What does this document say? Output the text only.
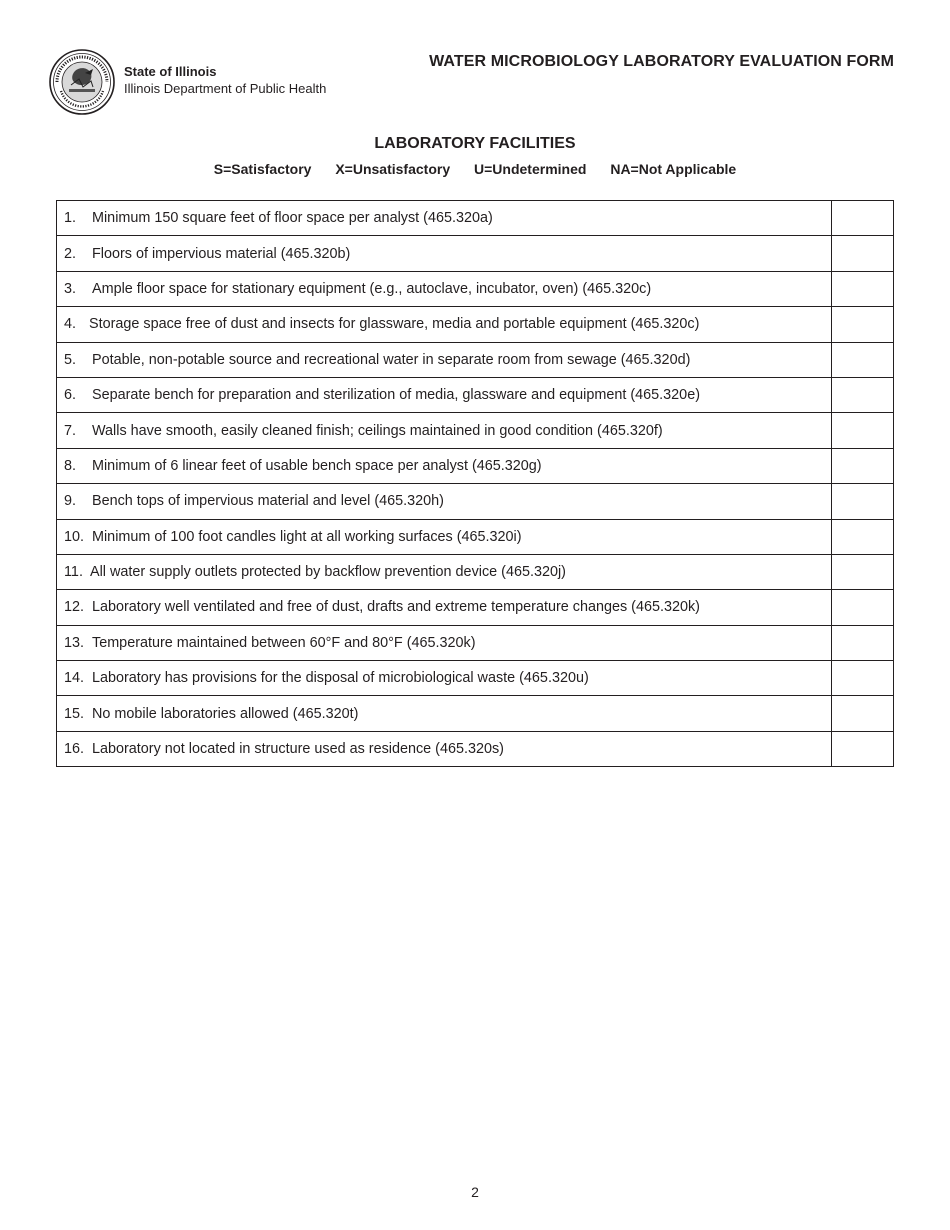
State of Illinois
Illinois Department of Public Health
WATER MICROBIOLOGY LABORATORY EVALUATION FORM
LABORATORY FACILITIES
S=Satisfactory X=Unsatisfactory U=Undetermined NA=Not Applicable
1. Minimum 150 square feet of floor space per analyst (465.320a)	
2. Floors of impervious material (465.320b)	
3. Ample floor space for stationary equipment (e.g., autoclave, incubator, oven) (465.320c)	
4. Storage space free of dust and insects for glassware, media and portable equipment (465.320c)	
5. Potable, non-potable source and recreational water in separate room from sewage (465.320d)	
6. Separate bench for preparation and sterilization of media, glassware and equipment (465.320e)	
7. Walls have smooth, easily cleaned finish; ceilings maintained in good condition (465.320f)	
8. Minimum of 6 linear feet of usable bench space per analyst (465.320g)	
9. Bench tops of impervious material and level (465.320h)	
10. Minimum of 100 foot candles light at all working surfaces (465.320i)	
11. All water supply outlets protected by backflow prevention device (465.320j)	
12. Laboratory well ventilated and free of dust, drafts and extreme temperature changes (465.320k)	
13. Temperature maintained between 60°F and 80°F (465.320k)	
14. Laboratory has provisions for the disposal of microbiological waste (465.320u)	
15. No mobile laboratories allowed (465.320t)	
16. Laboratory not located in structure used as residence (465.320s)	
2
